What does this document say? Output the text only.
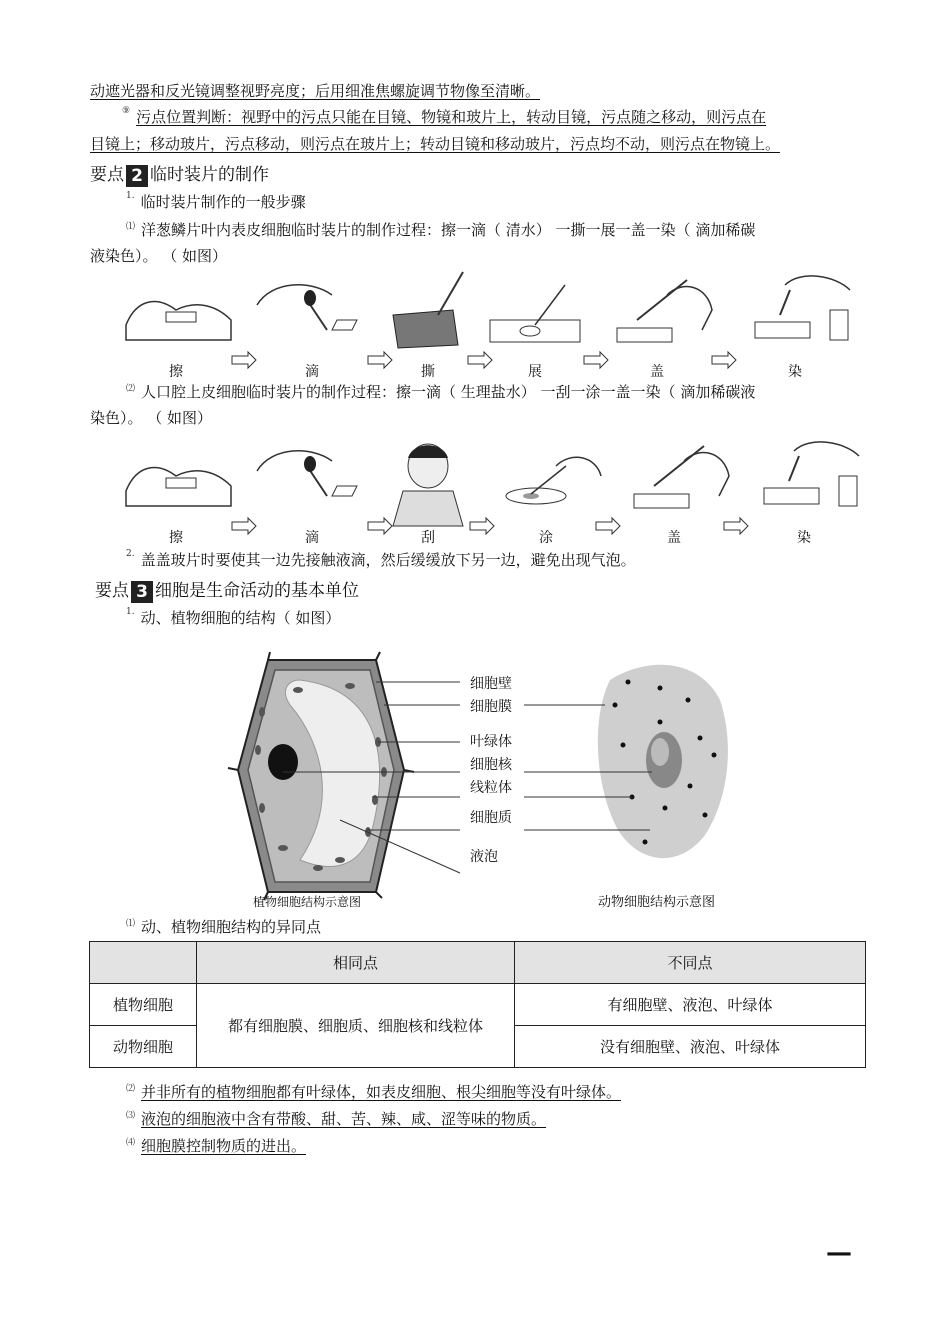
动遮光器和反光镜调整视野亮度；后用细准焦螺旋调节物像至清晰。
⑨ 污点位置判断：视野中的污点只能在目镜、物镜和玻片上，转动目镜，污点随之移动，则污点在
目镜上；移动玻片，污点移动，则污点在玻片上；转动目镜和移动玻片，污点均不动，则污点在物镜上。
要点 2 临时装片的制作
$^{1.}$ 临时装片制作的一般步骤
⑴ 洋葱鳞片叶内表皮细胞临时装片的制作过程：擦一滴（ 清水） 一撕一展一盖一染（ 滴加稀碳
液染色）。 （ 如图）
擦	滴	撕	展	盖	染
⑵ 人口腔上皮细胞临时装片的制作过程：擦一滴（ 生理盐水） 一刮一涂一盖一染（ 滴加稀碳液
染色）。 （ 如图）
擦	滴	刮	涂	盖	染
$^{2.}$ 盖盖玻片时要使其一边先接触液滴，然后缓缓放下另一边，避免出现气泡。
要点 3 细胞是生命活动的基本单位
$^{1.}$ 动、植物细胞的结构（ 如图）
细胞壁
细胞膜
叶绿体
细胞核
线粒体
细胞质
液泡
植物细胞结构示意图	动物细胞结构示意图
⑴ 动、植物细胞结构的异同点
	相同点	不同点
植物细胞	都有细胞膜、细胞质、细胞核和线粒体	有细胞壁、液泡、叶绿体
动物细胞		没有细胞壁、液泡、叶绿体
⑵ 并非所有的植物细胞都有叶绿体，如表皮细胞、根尖细胞等没有叶绿体。
⑶ 液泡的细胞液中含有带酸、甜、苦、辣、咸、涩等味的物质。
⑷ 细胞膜控制物质的进出。
—
